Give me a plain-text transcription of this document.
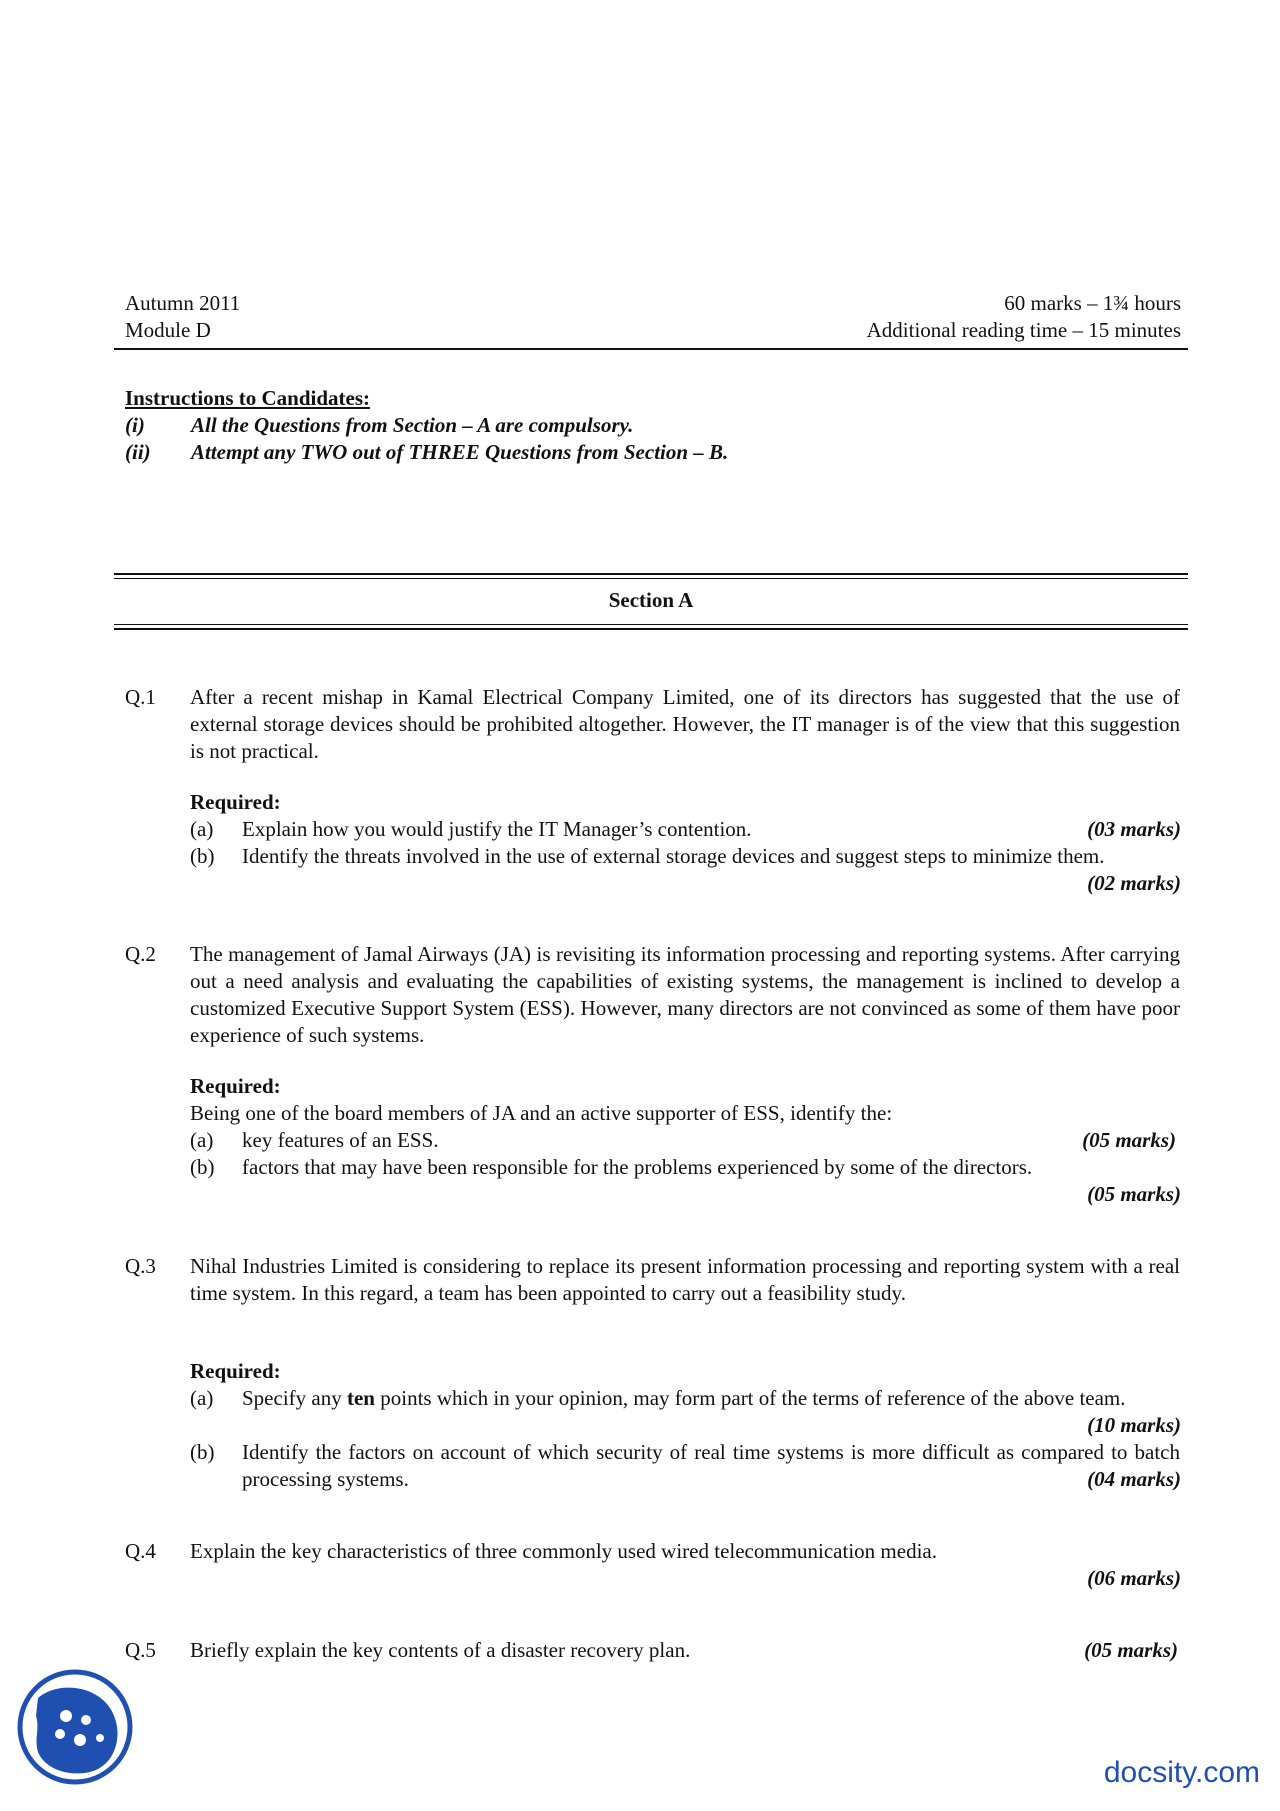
Autumn 2011	60 marks – 1¾ hours
Module D	Additional reading time – 15 minutes
Instructions to Candidates:
(i) All the Questions from Section – A are compulsory.
(ii) Attempt any TWO out of THREE Questions from Section – B.
Section A
Q.1 After a recent mishap in Kamal Electrical Company Limited, one of its directors has suggested that the use of external storage devices should be prohibited altogether. However, the IT manager is of the view that this suggestion is not practical.
Required:
(a) Explain how you would justify the IT Manager’s contention.	(03 marks)
(b) Identify the threats involved in the use of external storage devices and suggest steps to minimize them.
(02 marks)
Q.2 The management of Jamal Airways (JA) is revisiting its information processing and reporting systems. After carrying out a need analysis and evaluating the capabilities of existing systems, the management is inclined to develop a customized Executive Support System (ESS). However, many directors are not convinced as some of them have poor experience of such systems.
Required:
Being one of the board members of JA and an active supporter of ESS, identify the:
(a) key features of an ESS.	(05 marks)
(b) factors that may have been responsible for the problems experienced by some of the directors.
(05 marks)
Q.3 Nihal Industries Limited is considering to replace its present information processing and reporting system with a real time system. In this regard, a team has been appointed to carry out a feasibility study.
Required:
(a) Specify any ten points which in your opinion, may form part of the terms of reference of the above team.
(10 marks)
(b) Identify the factors on account of which security of real time systems is more difficult as compared to batch processing systems.	(04 marks)
Q.4 Explain the key characteristics of three commonly used wired telecommunication media.
(06 marks)
Q.5 Briefly explain the key contents of a disaster recovery plan.	(05 marks)
docsity.com
